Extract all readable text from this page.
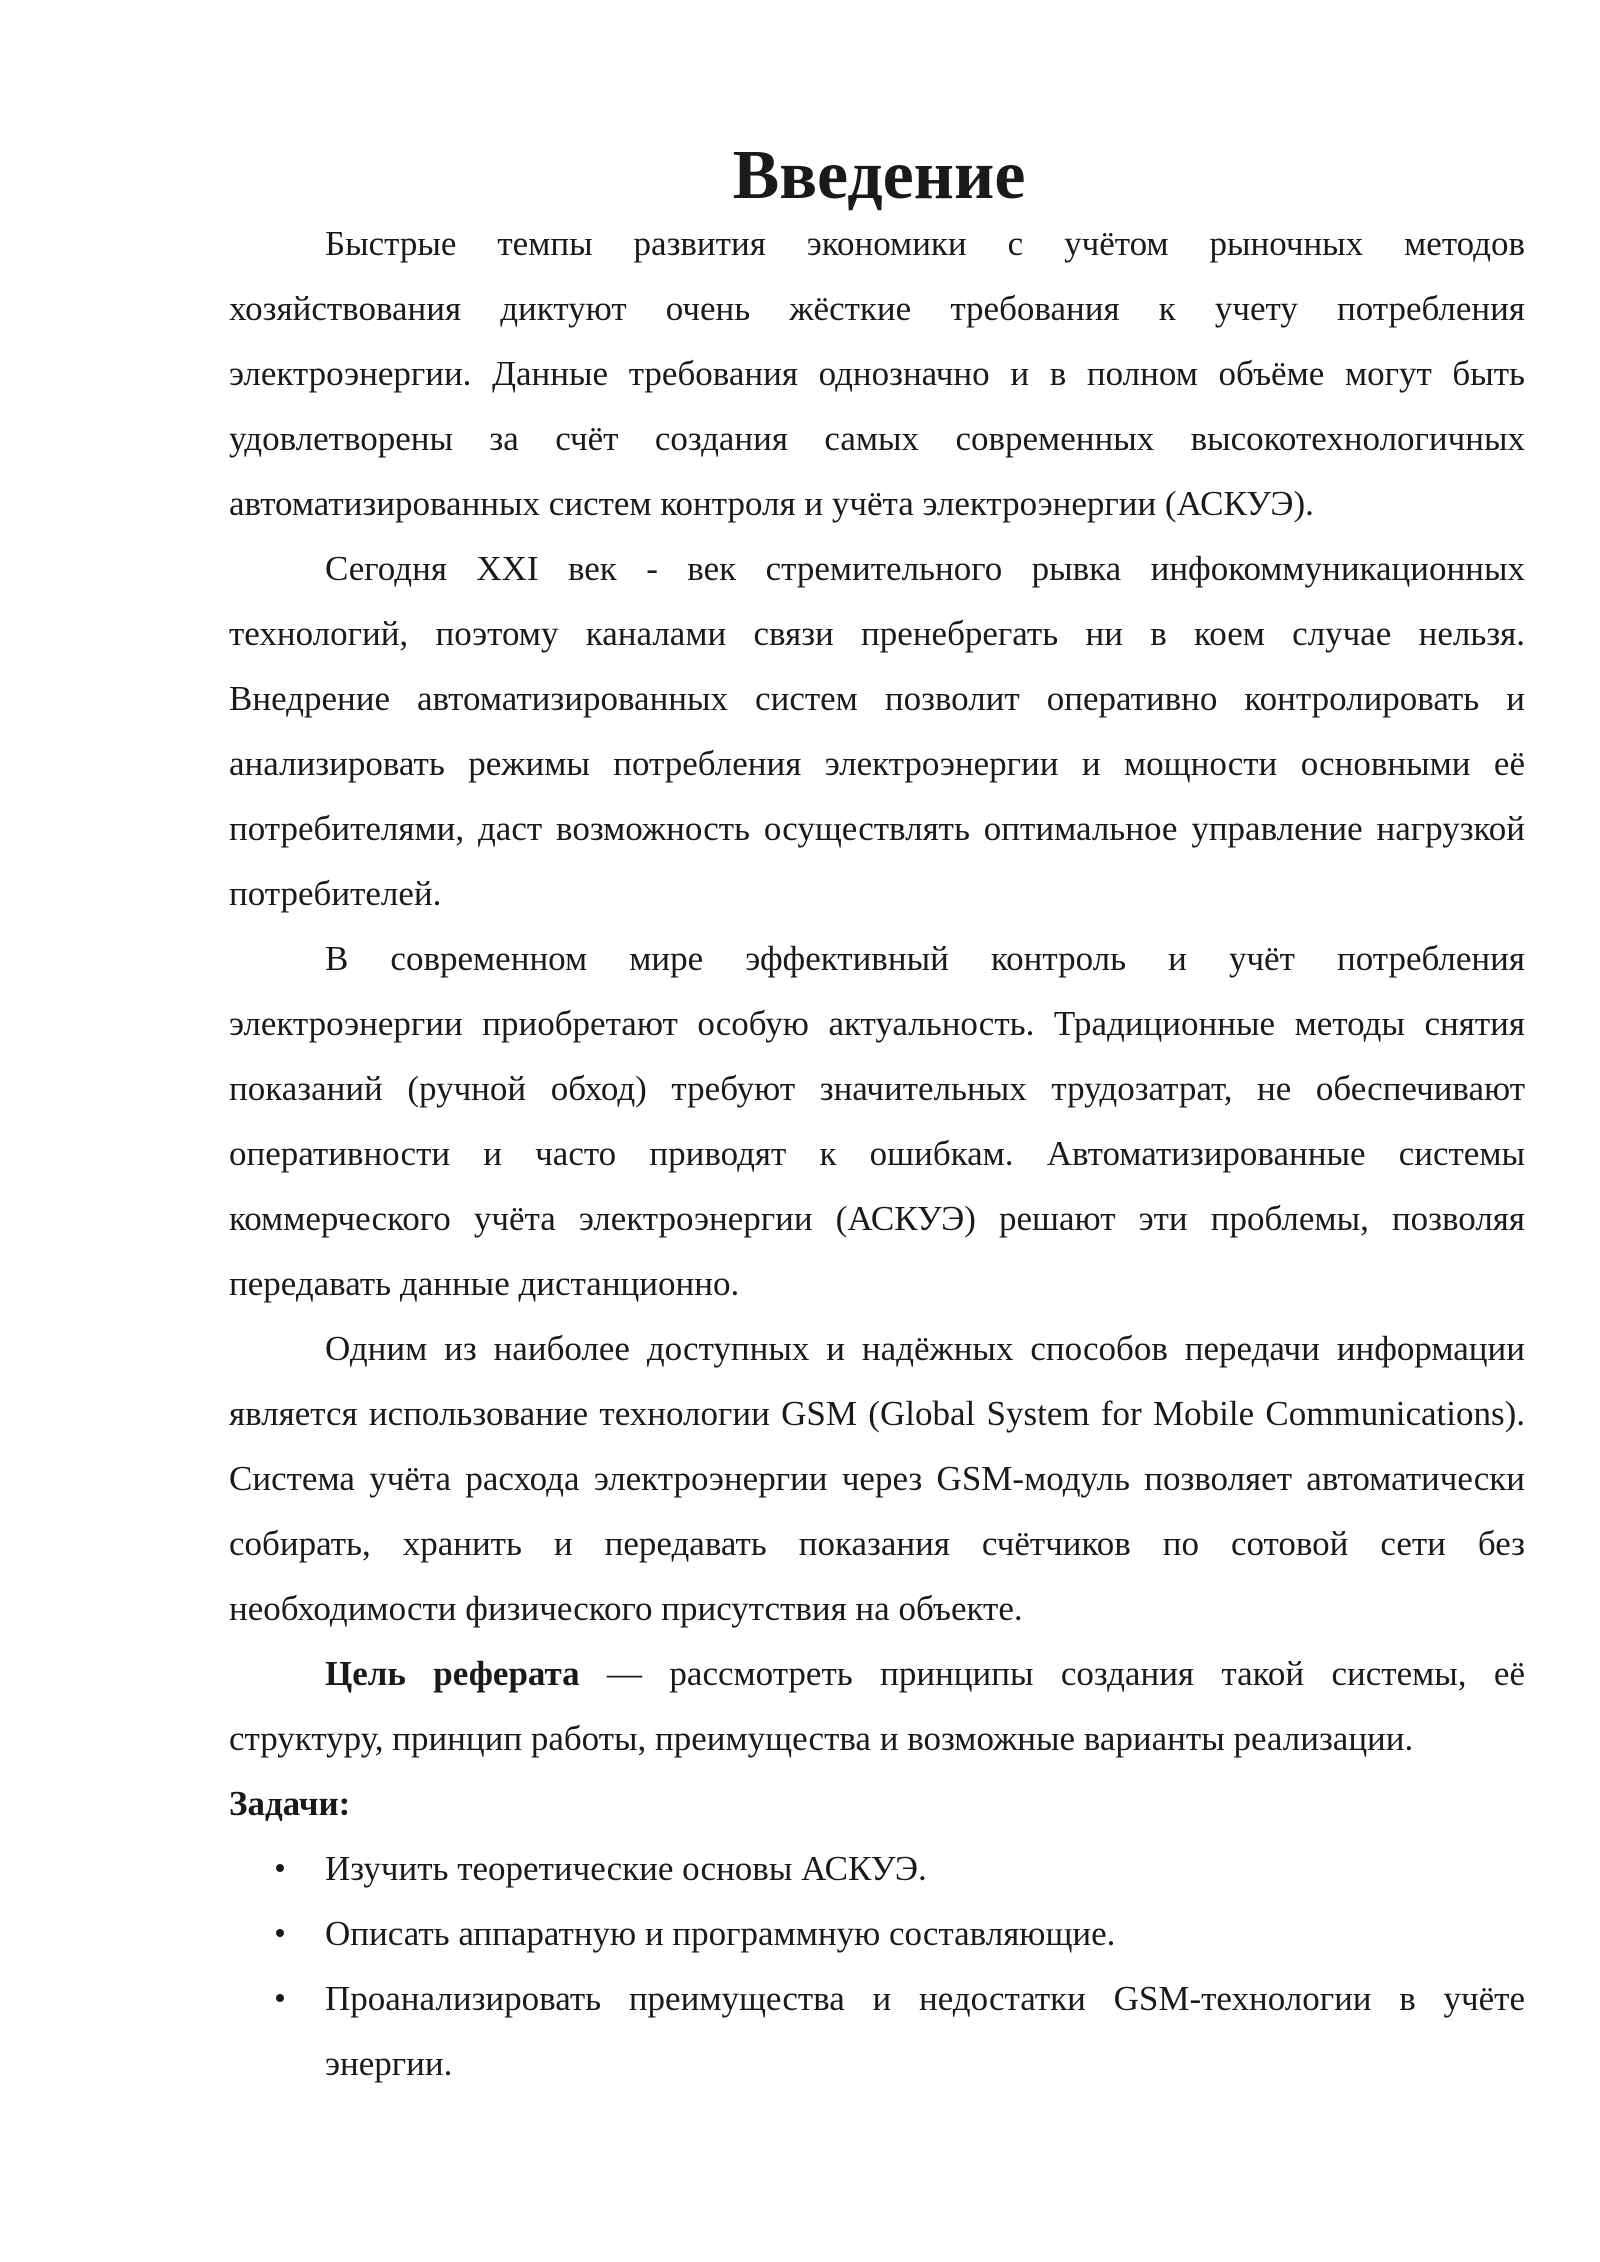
Введение

Быстрые темпы развития экономики с учётом рыночных методов хозяйствования диктуют очень жёсткие требования к учету потребления электроэнергии. Данные требования однозначно и в полном объёме могут быть удовлетворены за счёт создания самых современных высокотехнологичных автоматизированных систем контроля и учёта электроэнергии (АСКУЭ).

Сегодня XXI век - век стремительного рывка инфокоммуникационных технологий, поэтому каналами связи пренебрегать ни в коем случае нельзя. Внедрение автоматизированных систем позволит оперативно контролировать и анализировать режимы потребления электроэнергии и мощности основными её потребителями, даст возможность осуществлять оптимальное управление нагрузкой потребителей.

В современном мире эффективный контроль и учёт потребления электроэнергии приобретают особую актуальность. Традиционные методы снятия показаний (ручной обход) требуют значительных трудозатрат, не обеспечивают оперативности и часто приводят к ошибкам. Автоматизированные системы коммерческого учёта электроэнергии (АСКУЭ) решают эти проблемы, позволяя передавать данные дистанционно.

Одним из наиболее доступных и надёжных способов передачи информации является использование технологии GSM (Global System for Mobile Communications). Система учёта расхода электроэнергии через GSM-модуль позволяет автоматически собирать, хранить и передавать показания счётчиков по сотовой сети без необходимости физического присутствия на объекте.

Цель реферата — рассмотреть принципы создания такой системы, её структуру, принцип работы, преимущества и возможные варианты реализации.

Задачи:

Изучить теоретические основы АСКУЭ.
Описать аппаратную и программную составляющие.
Проанализировать преимущества и недостатки GSM-технологии в учёте энергии.
